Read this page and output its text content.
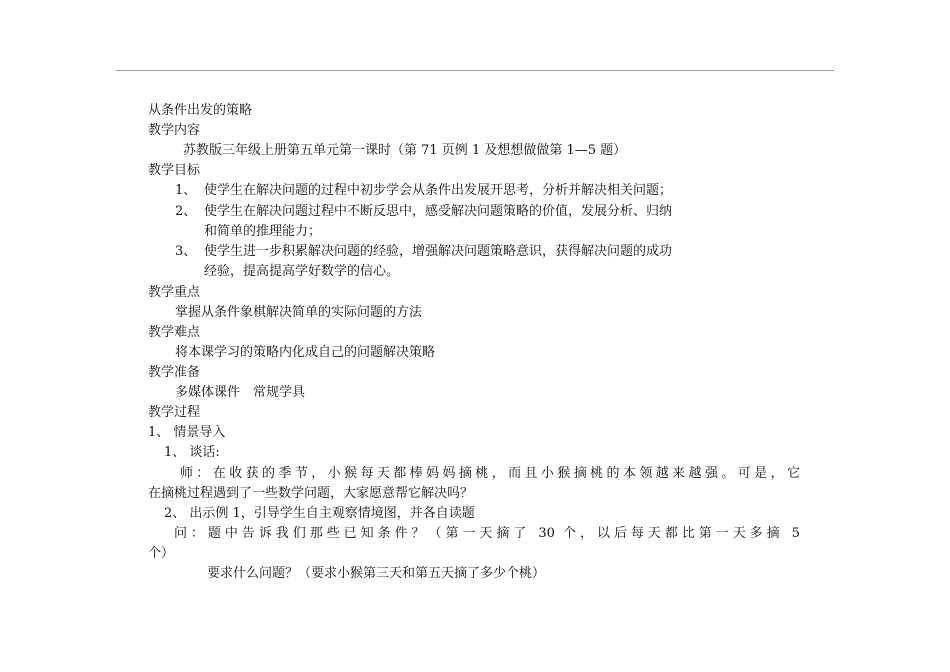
从条件出发的策略
教学内容
苏教版三年级上册第五单元第一课时（第 71 页例 1 及想想做做第 1—5 题）
教学目标
1、 使学生在解决问题的过程中初步学会从条件出发展开思考，分析并解决相关问题；
2、 使学生在解决问题过程中不断反思中，感受解决问题策略的价值，发展分析、归纳
和简单的推理能力；
3、 使学生进一步积累解决问题的经验，增强解决问题策略意识，获得解决问题的成功
经验，提高提高学好数学的信心。
教学重点
掌握从条件象棋解决简单的实际问题的方法
教学难点
将本课学习的策略内化成自己的问题解决策略
教学准备
多媒体课件　常规学具
教学过程
1、 情景导入
1、 谈话:
师：在收获的季节，小猴每天都棒妈妈摘桃，而且小猴摘桃的本领越来越强。可是，它
在摘桃过程遇到了一些数学问题，大家愿意帮它解决吗？
2、 出示例 1，引导学生自主观察情境图，并各自读题
问：题中告诉我们那些已知条件？（第一天摘了 30 个，以后每天都比第一天多摘 5
个）
要求什么问题？（要求小猴第三天和第五天摘了多少个桃）
